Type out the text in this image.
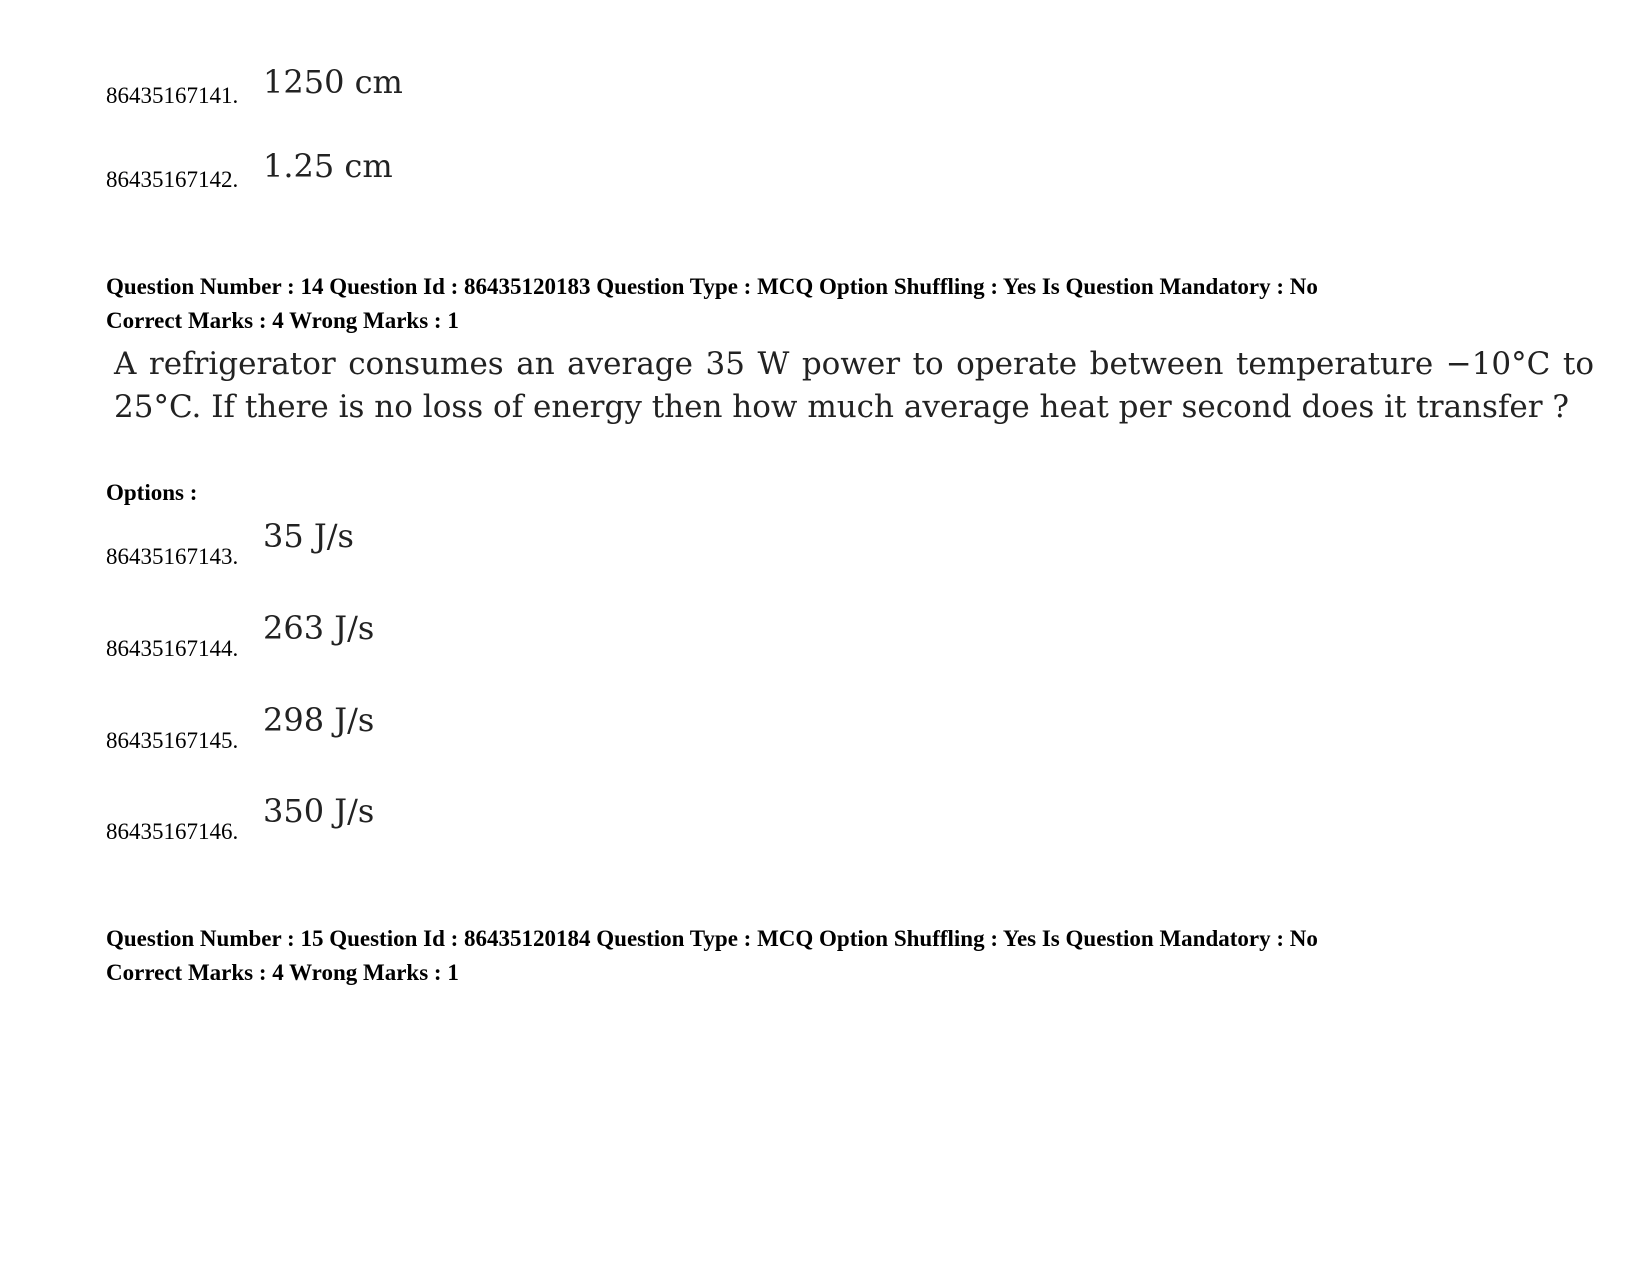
86435167141. 1250 cm
86435167142. 1.25 cm
Question Number : 14 Question Id : 86435120183 Question Type : MCQ Option Shuffling : Yes Is Question Mandatory : No
Correct Marks : 4 Wrong Marks : 1
A refrigerator consumes an average 35 W power to operate between temperature −10°C to 25°C. If there is no loss of energy then how much average heat per second does it transfer ?
Options :
86435167143.
35 J/s
86435167144.
263 J/s
86435167145.
298 J/s
86435167146.
350 J/s
Question Number : 15 Question Id : 86435120184 Question Type : MCQ Option Shuffling : Yes Is Question Mandatory : No
Correct Marks : 4 Wrong Marks : 1
